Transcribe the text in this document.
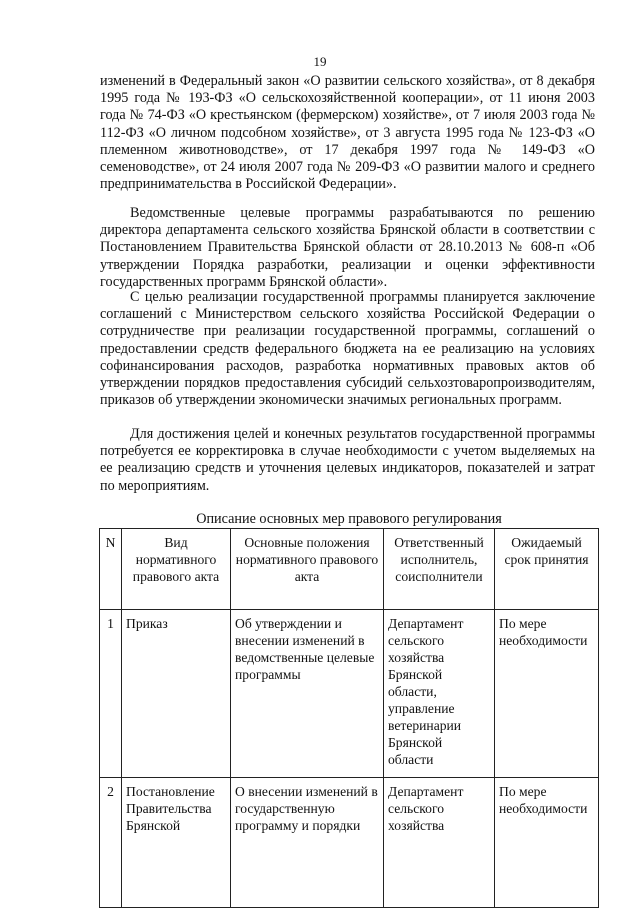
19

изменений в Федеральный закон «О развитии сельского хозяйства», от 8 декабря 1995 года № 193-ФЗ «О сельскохозяйственной кооперации», от 11 июня 2003 года № 74-ФЗ «О крестьянском (фермерском) хозяйстве», от 7 июля 2003 года № 112-ФЗ «О личном подсобном хозяйстве», от 3 августа 1995 года № 123-ФЗ «О племенном животноводстве», от 17 декабря 1997 года № 149-ФЗ «О семеноводстве», от 24 июля 2007 года № 209-ФЗ «О развитии малого и среднего предпринимательства в Российской Федерации».

Ведомственные целевые программы разрабатываются по решению директора департамента сельского хозяйства Брянской области в соответствии с Постановлением Правительства Брянской области от 28.10.2013 № 608-п «Об утверждении Порядка разработки, реализации и оценки эффективности государственных программ Брянской области».

С целью реализации государственной программы планируется заключение соглашений с Министерством сельского хозяйства Российской Федерации о сотрудничестве при реализации государственной программы, соглашений о предоставлении средств федерального бюджета на ее реализацию на условиях софинансирования расходов, разработка нормативных правовых актов об утверждении порядков предоставления субсидий сельхозтоваропроизводителям, приказов об утверждении экономически значимых региональных программ.

Для достижения целей и конечных результатов государственной программы потребуется ее корректировка в случае необходимости с учетом выделяемых на ее реализацию средств и уточнения целевых индикаторов, показателей и затрат по мероприятиям.

Описание основных мер правового регулирования
N	Вид нормативного правового акта	Основные положения нормативного правового акта	Ответственный исполнитель, соисполнители	Ожидаемый срок принятия
1	Приказ	Об утверждении и внесении изменений в ведомственные целевые программы	Департамент сельского хозяйства Брянской области, управление ветеринарии Брянской области	По мере необходимости
2	Постановление Правительства Брянской	О внесении изменений в государственную программу и порядки	Департамент сельского хозяйства	По мере необходимости
